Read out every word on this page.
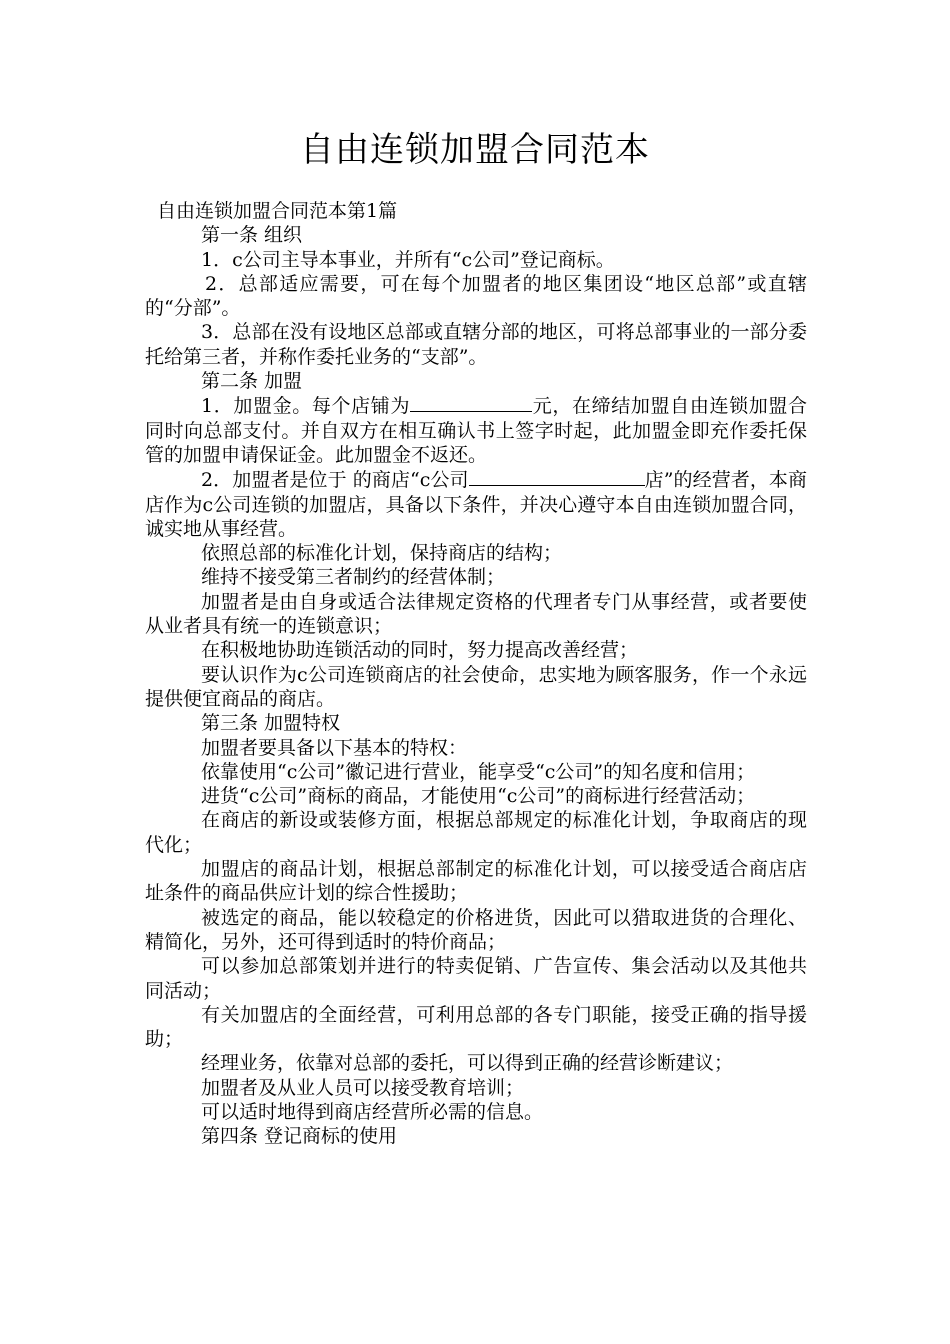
自由连锁加盟合同范本

自由连锁加盟合同范本第1篇

第一条 组织

1．c公司主导本事业，并所有“c公司”登记商标。

2．总部适应需要，可在每个加盟者的地区集团设“地区总部”或直辖的“分部”。

3．总部在没有设地区总部或直辖分部的地区，可将总部事业的一部分委托给第三者，并称作委托业务的“支部”。

第二条 加盟

1．加盟金。每个店铺为	元，在缔结加盟自由连锁加盟合同时向总部支付。并自双方在相互确认书上签字时起，此加盟金即充作委托保管的加盟申请保证金。此加盟金不返还。

2．加盟者是位于 的商店“c公司	店”的经营者，本商店作为c公司连锁的加盟店，具备以下条件，并决心遵守本自由连锁加盟合同，诚实地从事经营。

依照总部的标准化计划，保持商店的结构；

维持不接受第三者制约的经营体制；

加盟者是由自身或适合法律规定资格的代理者专门从事经营，或者要使从业者具有统一的连锁意识；

在积极地协助连锁活动的同时，努力提高改善经营；

要认识作为c公司连锁商店的社会使命，忠实地为顾客服务，作一个永远提供便宜商品的商店。

第三条 加盟特权

加盟者要具备以下基本的特权：

依靠使用“c公司”徽记进行营业，能享受“c公司”的知名度和信用；

进货“c公司”商标的商品，才能使用“c公司”的商标进行经营活动；

在商店的新设或装修方面，根据总部规定的标准化计划，争取商店的现代化；

加盟店的商品计划，根据总部制定的标准化计划，可以接受适合商店店址条件的商品供应计划的综合性援助；

被选定的商品，能以较稳定的价格进货，因此可以猎取进货的合理化、精简化，另外，还可得到适时的特价商品；

可以参加总部策划并进行的特卖促销、广告宣传、集会活动以及其他共同活动；

有关加盟店的全面经营，可利用总部的各专门职能，接受正确的指导援助；

经理业务，依靠对总部的委托，可以得到正确的经营诊断建议；

加盟者及从业人员可以接受教育培训；

可以适时地得到商店经营所必需的信息。

第四条 登记商标的使用
